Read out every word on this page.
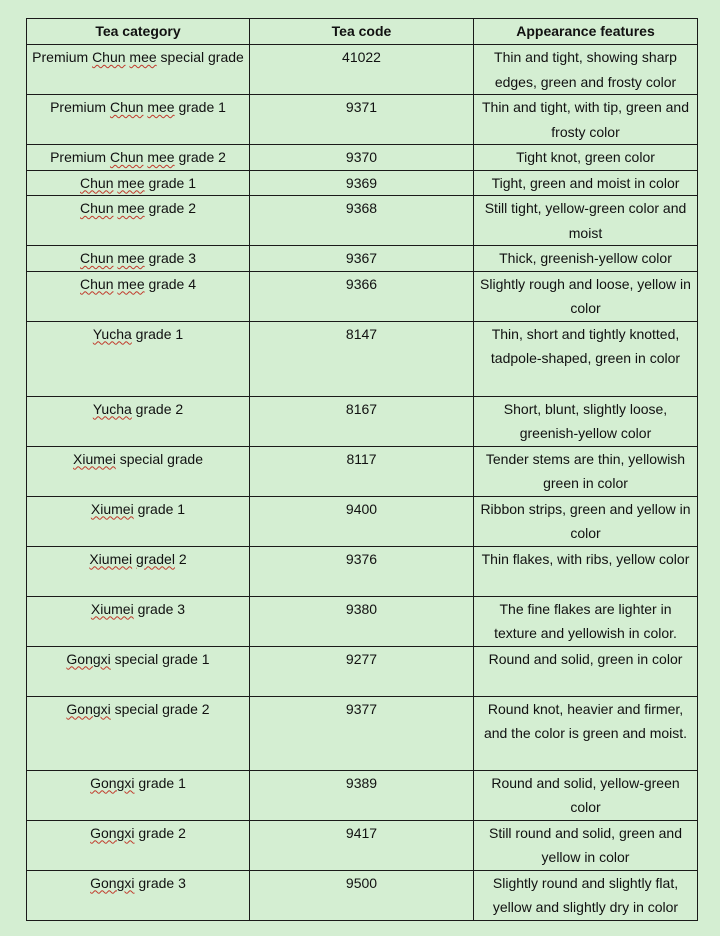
Tea category	Tea code	Appearance features
Premium Chun mee special grade	41022	Thin and tight, showing sharp edges, green and frosty color
Premium Chun mee grade 1	9371	Thin and tight, with tip, green and frosty color
Premium Chun mee grade 2	9370	Tight knot, green color
Chun mee grade 1	9369	Tight, green and moist in color
Chun mee grade 2	9368	Still tight, yellow-green color and moist
Chun mee grade 3	9367	Thick, greenish-yellow color
Chun mee grade 4	9366	Slightly rough and loose, yellow in color
Yucha grade 1	8147	Thin, short and tightly knotted, tadpole-shaped, green in color
Yucha grade 2	8167	Short, blunt, slightly loose, greenish-yellow color
Xiumei special grade	8117	Tender stems are thin, yellowish green in color
Xiumei grade 1	9400	Ribbon strips, green and yellow in color
Xiumei gradel 2	9376	Thin flakes, with ribs, yellow color
Xiumei grade 3	9380	The fine flakes are lighter in texture and yellowish in color.
Gongxi special grade 1	9277	Round and solid, green in color
Gongxi special grade 2	9377	Round knot, heavier and firmer, and the color is green and moist.
Gongxi grade 1	9389	Round and solid, yellow-green color
Gongxi grade 2	9417	Still round and solid, green and yellow in color
Gongxi grade 3	9500	Slightly round and slightly flat, yellow and slightly dry in color
